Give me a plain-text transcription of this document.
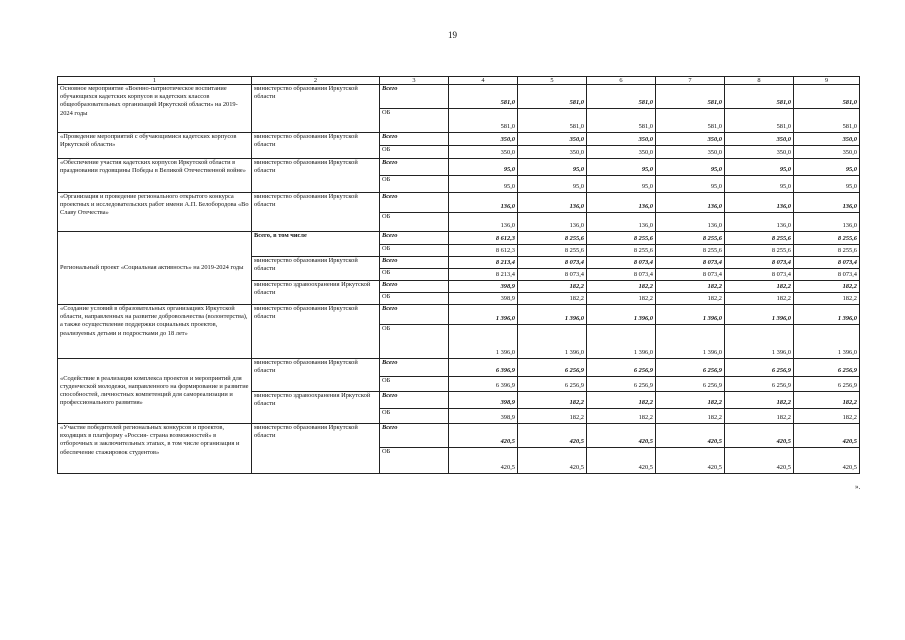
19
1	2	3	4	5	6	7	8	9
Основное мероприятие «Военно-патриотическое воспитание обучающихся кадетских корпусов и кадетских классов общеобразовательных организаций Иркутской области» на 2019-2024 годы	министерство образования Иркутской области	Всего	581,0	581,0	581,0	581,0	581,0	581,0
		ОБ	581,0	581,0	581,0	581,0	581,0	581,0
«Проведение мероприятий с обучающимися кадетских корпусов Иркутской области»	министерство образования Иркутской области	Всего	350,0	350,0	350,0	350,0	350,0	350,0
		ОБ	350,0	350,0	350,0	350,0	350,0	350,0
«Обеспечение участия кадетских корпусов Иркутской области в праздновании годовщины Победы в Великой Отечественной войне»	министерство образования Иркутской области	Всего	95,0	95,0	95,0	95,0	95,0	95,0
		ОБ	95,0	95,0	95,0	95,0	95,0	95,0
«Организация и проведение регионального открытого конкурса проектных и исследовательских работ имени А.П. Белобородова «Во Славу Отечества»	министерство образования Иркутской области	Всего	136,0	136,0	136,0	136,0	136,0	136,0
		ОБ	136,0	136,0	136,0	136,0	136,0	136,0
Региональный проект «Социальная активность» на 2019-2024 годы	Всего, в том числе	Всего	8 612,3	8 255,6	8 255,6	8 255,6	8 255,6	8 255,6
		ОБ	8 612,3	8 255,6	8 255,6	8 255,6	8 255,6	8 255,6
	министерство образования Иркутской области	Всего	8 213,4	8 073,4	8 073,4	8 073,4	8 073,4	8 073,4
		ОБ	8 213,4	8 073,4	8 073,4	8 073,4	8 073,4	8 073,4
	министерство здравоохранения Иркутской области	Всего	398,9	182,2	182,2	182,2	182,2	182,2
		ОБ	398,9	182,2	182,2	182,2	182,2	182,2
«Создание условий в образовательных организациях Иркутской области, направленных на развитие добровольчества (волонтерства), а также осуществление поддержки социальных проектов, реализуемых детьми и подростками до 18 лет»	министерство образования Иркутской области	Всего	1 396,0	1 396,0	1 396,0	1 396,0	1 396,0	1 396,0
		ОБ	1 396,0	1 396,0	1 396,0	1 396,0	1 396,0	1 396,0
«Содействие в реализации комплекса проектов и мероприятий для студенческой молодежи, направленного на формирование и развитие способностей, личностных компетенций для самореализации и профессионального развития»	министерство образования Иркутской области	Всего	6 396,9	6 256,9	6 256,9	6 256,9	6 256,9	6 256,9
		ОБ	6 396,9	6 256,9	6 256,9	6 256,9	6 256,9	6 256,9
	министерство здравоохранения Иркутской области	Всего	398,9	182,2	182,2	182,2	182,2	182,2
		ОБ	398,9	182,2	182,2	182,2	182,2	182,2
«Участие победителей региональных конкурсов и проектов, входящих в платформу «Россия- страна возможностей» в отборочных и заключительных этапах, в том числе организация и обеспечение стажировок студентов»	министерство образования Иркутской области	Всего	420,5	420,5	420,5	420,5	420,5	420,5
		ОБ	420,5	420,5	420,5	420,5	420,5	420,5
».
